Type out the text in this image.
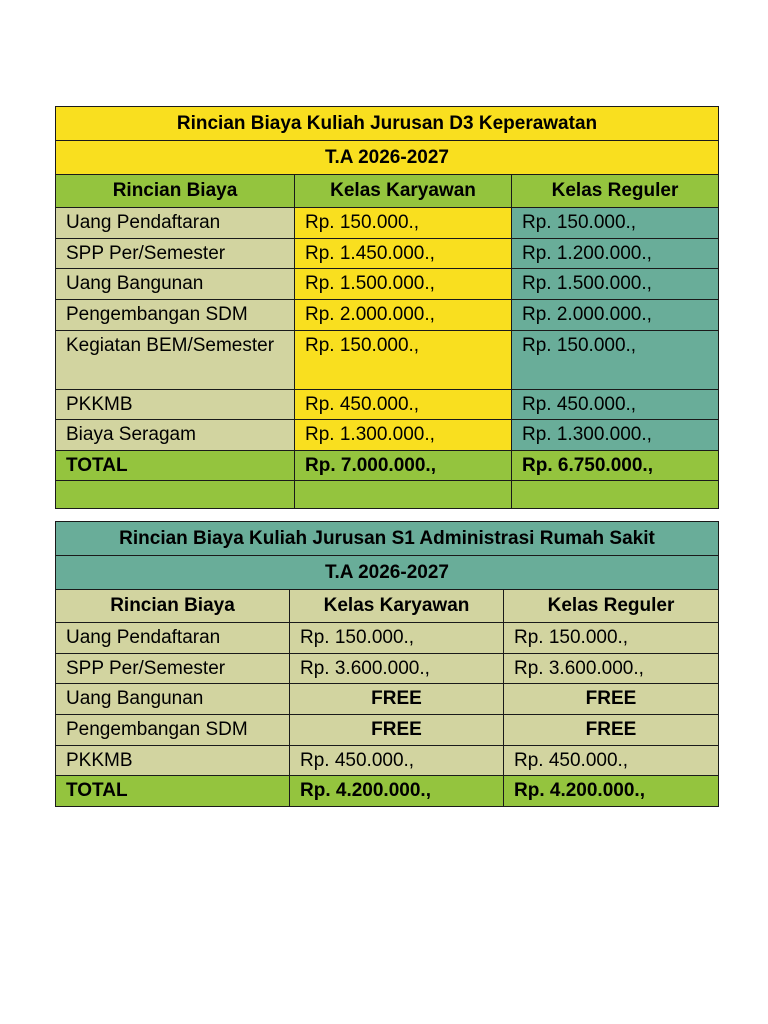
Rincian Biaya Kuliah Jurusan D3 Keperawatan		
T.A 2026-2027		
Rincian Biaya	Kelas Karyawan	Kelas Reguler
Uang Pendaftaran	Rp. 150.000.,	Rp. 150.000.,
SPP Per/Semester	Rp. 1.450.000.,	Rp. 1.200.000.,
Uang Bangunan	Rp. 1.500.000.,	Rp. 1.500.000.,
Pengembangan SDM	Rp. 2.000.000.,	Rp. 2.000.000.,
Kegiatan BEM/Semester	Rp. 150.000.,	Rp. 150.000.,
PKKMB	Rp. 450.000.,	Rp. 450.000.,
Biaya Seragam	Rp. 1.300.000.,	Rp. 1.300.000.,
TOTAL	Rp. 7.000.000.,	Rp. 6.750.000.,

Rincian Biaya Kuliah Jurusan S1 Administrasi Rumah Sakit		
T.A 2026-2027		
Rincian Biaya	Kelas Karyawan	Kelas Reguler
Uang Pendaftaran	Rp. 150.000.,	Rp. 150.000.,
SPP Per/Semester	Rp. 3.600.000.,	Rp. 3.600.000.,
Uang Bangunan	FREE	FREE
Pengembangan SDM	FREE	FREE
PKKMB	Rp. 450.000.,	Rp. 450.000.,
TOTAL	Rp. 4.200.000.,	Rp. 4.200.000.,
